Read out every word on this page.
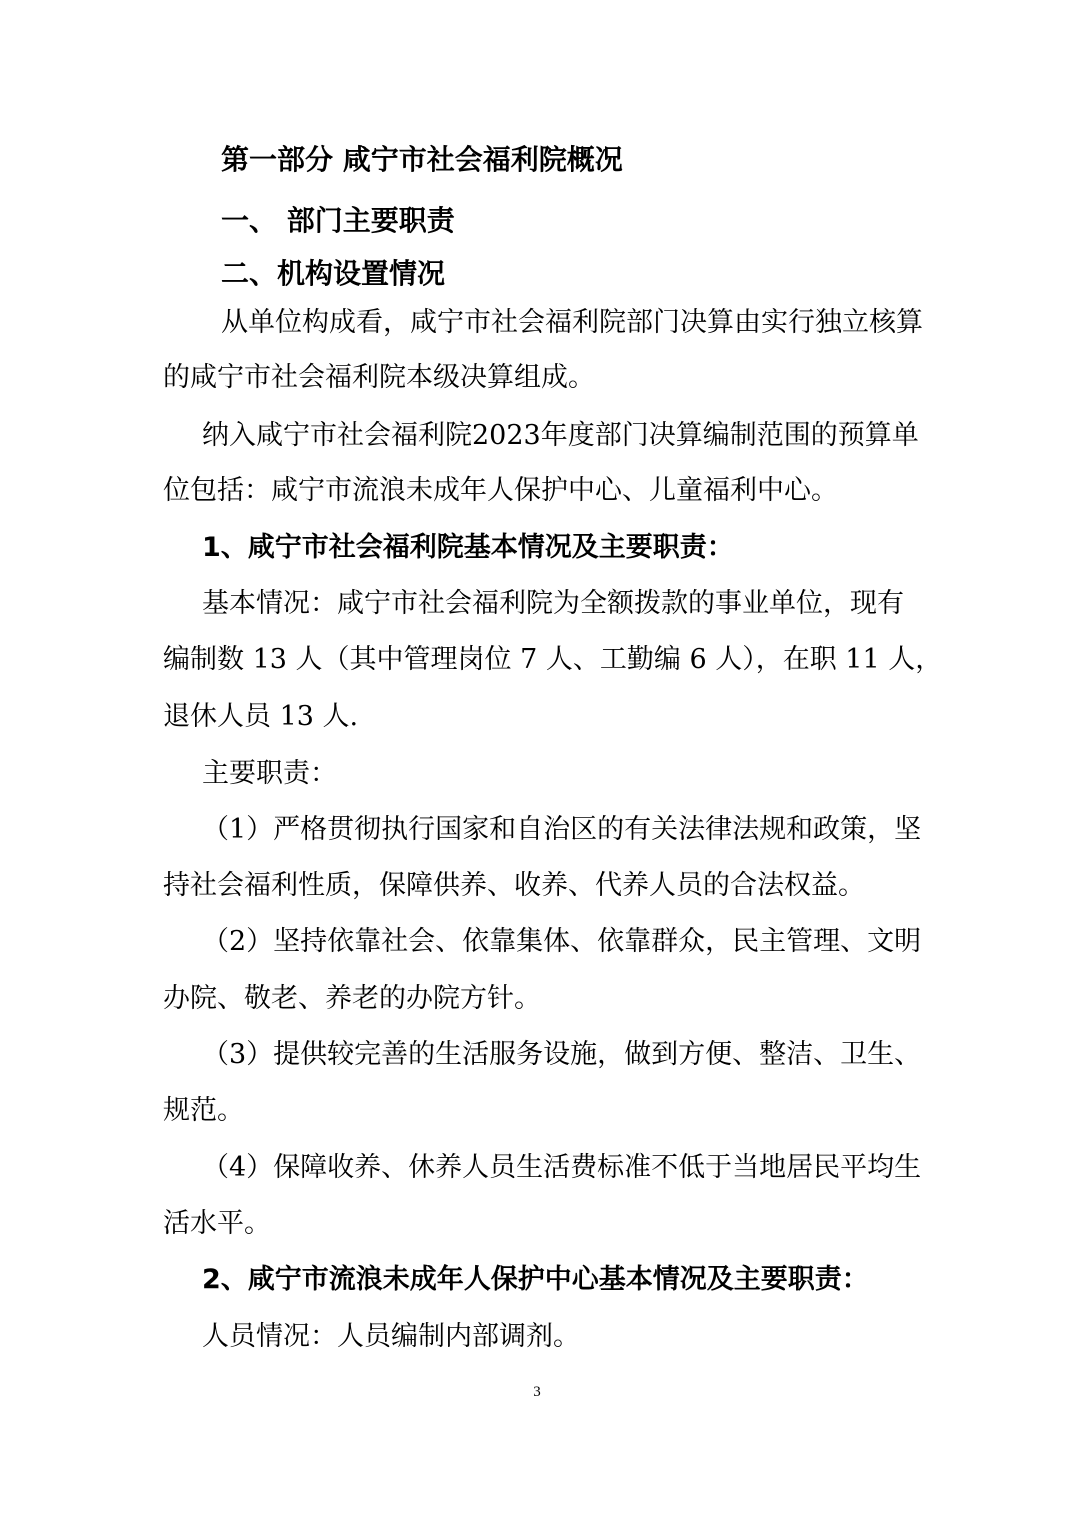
第一部分 咸宁市社会福利院概况
一、 部门主要职责
二、机构设置情况
从单位构成看，咸宁市社会福利院部门决算由实行独立核算
的咸宁市社会福利院本级决算组成。
纳入咸宁市社会福利院2023年度部门决算编制范围的预算单
位包括：咸宁市流浪未成年人保护中心、儿童福利中心。
1、咸宁市社会福利院基本情况及主要职责：
基本情况：咸宁市社会福利院为全额拨款的事业单位，现有
编制数 13 人（其中管理岗位 7 人、工勤编 6 人），在职 11 人，
退休人员 13 人.
主要职责：
（1）严格贯彻执行国家和自治区的有关法律法规和政策，坚
持社会福利性质，保障供养、收养、代养人员的合法权益。
（2）坚持依靠社会、依靠集体、依靠群众，民主管理、文明
办院、敬老、养老的办院方针。
（3）提供较完善的生活服务设施，做到方便、整洁、卫生、
规范。
（4）保障收养、休养人员生活费标准不低于当地居民平均生
活水平。
2、咸宁市流浪未成年人保护中心基本情况及主要职责：
人员情况：人员编制内部调剂。
3
